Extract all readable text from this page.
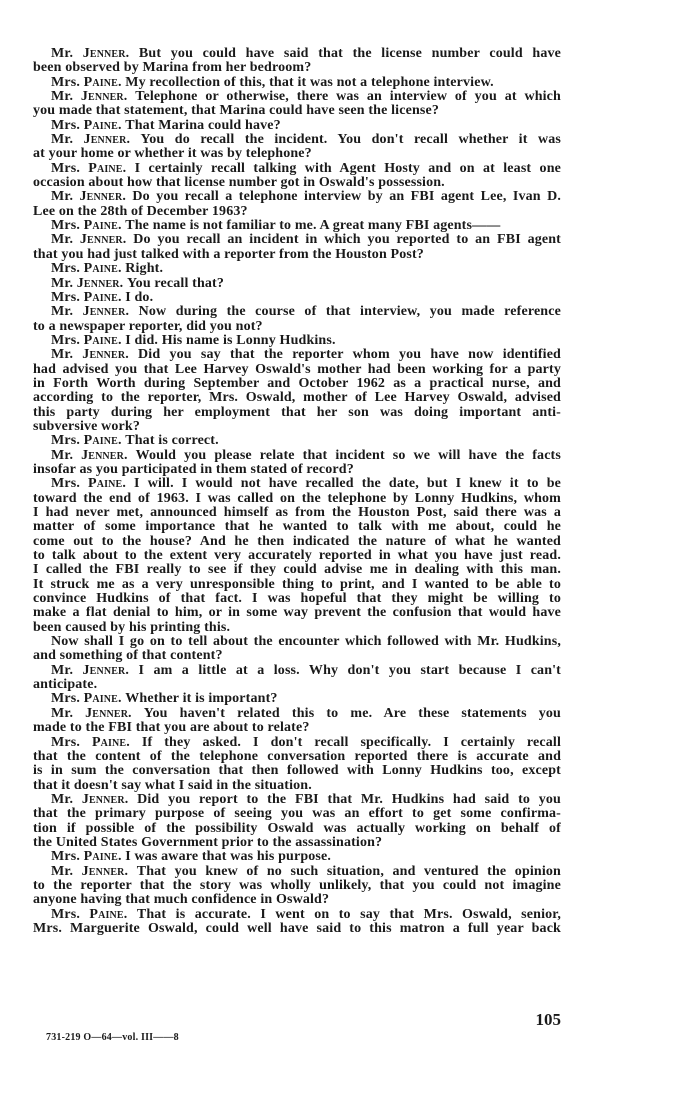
Mr. Jenner. But you could have said that the license number could have
been observed by Marina from her bedroom?
Mrs. Paine. My recollection of this, that it was not a telephone interview.
Mr. Jenner. Telephone or otherwise, there was an interview of you at which
you made that statement, that Marina could have seen the license?
Mrs. Paine. That Marina could have?
Mr. Jenner. You do recall the incident. You don't recall whether it was
at your home or whether it was by telephone?
Mrs. Paine. I certainly recall talking with Agent Hosty and on at least one
occasion about how that license number got in Oswald's possession.
Mr. Jenner. Do you recall a telephone interview by an FBI agent Lee, Ivan D.
Lee on the 28th of December 1963?
Mrs. Paine. The name is not familiar to me. A great many FBI agents——
Mr. Jenner. Do you recall an incident in which you reported to an FBI agent
that you had just talked with a reporter from the Houston Post?
Mrs. Paine. Right.
Mr. Jenner. You recall that?
Mrs. Paine. I do.
Mr. Jenner. Now during the course of that interview, you made reference
to a newspaper reporter, did you not?
Mrs. Paine. I did. His name is Lonny Hudkins.
Mr. Jenner. Did you say that the reporter whom you have now identified
had advised you that Lee Harvey Oswald's mother had been working for a party
in Forth Worth during September and October 1962 as a practical nurse, and
according to the reporter, Mrs. Oswald, mother of Lee Harvey Oswald, advised
this party during her employment that her son was doing important anti-
subversive work?
Mrs. Paine. That is correct.
Mr. Jenner. Would you please relate that incident so we will have the facts
insofar as you participated in them stated of record?
Mrs. Paine. I will. I would not have recalled the date, but I knew it to be
toward the end of 1963. I was called on the telephone by Lonny Hudkins, whom
I had never met, announced himself as from the Houston Post, said there was a
matter of some importance that he wanted to talk with me about, could he
come out to the house? And he then indicated the nature of what he wanted
to talk about to the extent very accurately reported in what you have just read.
I called the FBI really to see if they could advise me in dealing with this man.
It struck me as a very unresponsible thing to print, and I wanted to be able to
convince Hudkins of that fact. I was hopeful that they might be willing to
make a flat denial to him, or in some way prevent the confusion that would have
been caused by his printing this.
Now shall I go on to tell about the encounter which followed with Mr. Hudkins,
and something of that content?
Mr. Jenner. I am a little at a loss. Why don't you start because I can't
anticipate.
Mrs. Paine. Whether it is important?
Mr. Jenner. You haven't related this to me. Are these statements you
made to the FBI that you are about to relate?
Mrs. Paine. If they asked. I don't recall specifically. I certainly recall
that the content of the telephone conversation reported there is accurate and
is in sum the conversation that then followed with Lonny Hudkins too, except
that it doesn't say what I said in the situation.
Mr. Jenner. Did you report to the FBI that Mr. Hudkins had said to you
that the primary purpose of seeing you was an effort to get some confirma-
tion if possible of the possibility Oswald was actually working on behalf of
the United States Government prior to the assassination?
Mrs. Paine. I was aware that was his purpose.
Mr. Jenner. That you knew of no such situation, and ventured the opinion
to the reporter that the story was wholly unlikely, that you could not imagine
anyone having that much confidence in Oswald?
Mrs. Paine. That is accurate. I went on to say that Mrs. Oswald, senior,
Mrs. Marguerite Oswald, could well have said to this matron a full year back
105
731-219 O—64—vol. III——8
